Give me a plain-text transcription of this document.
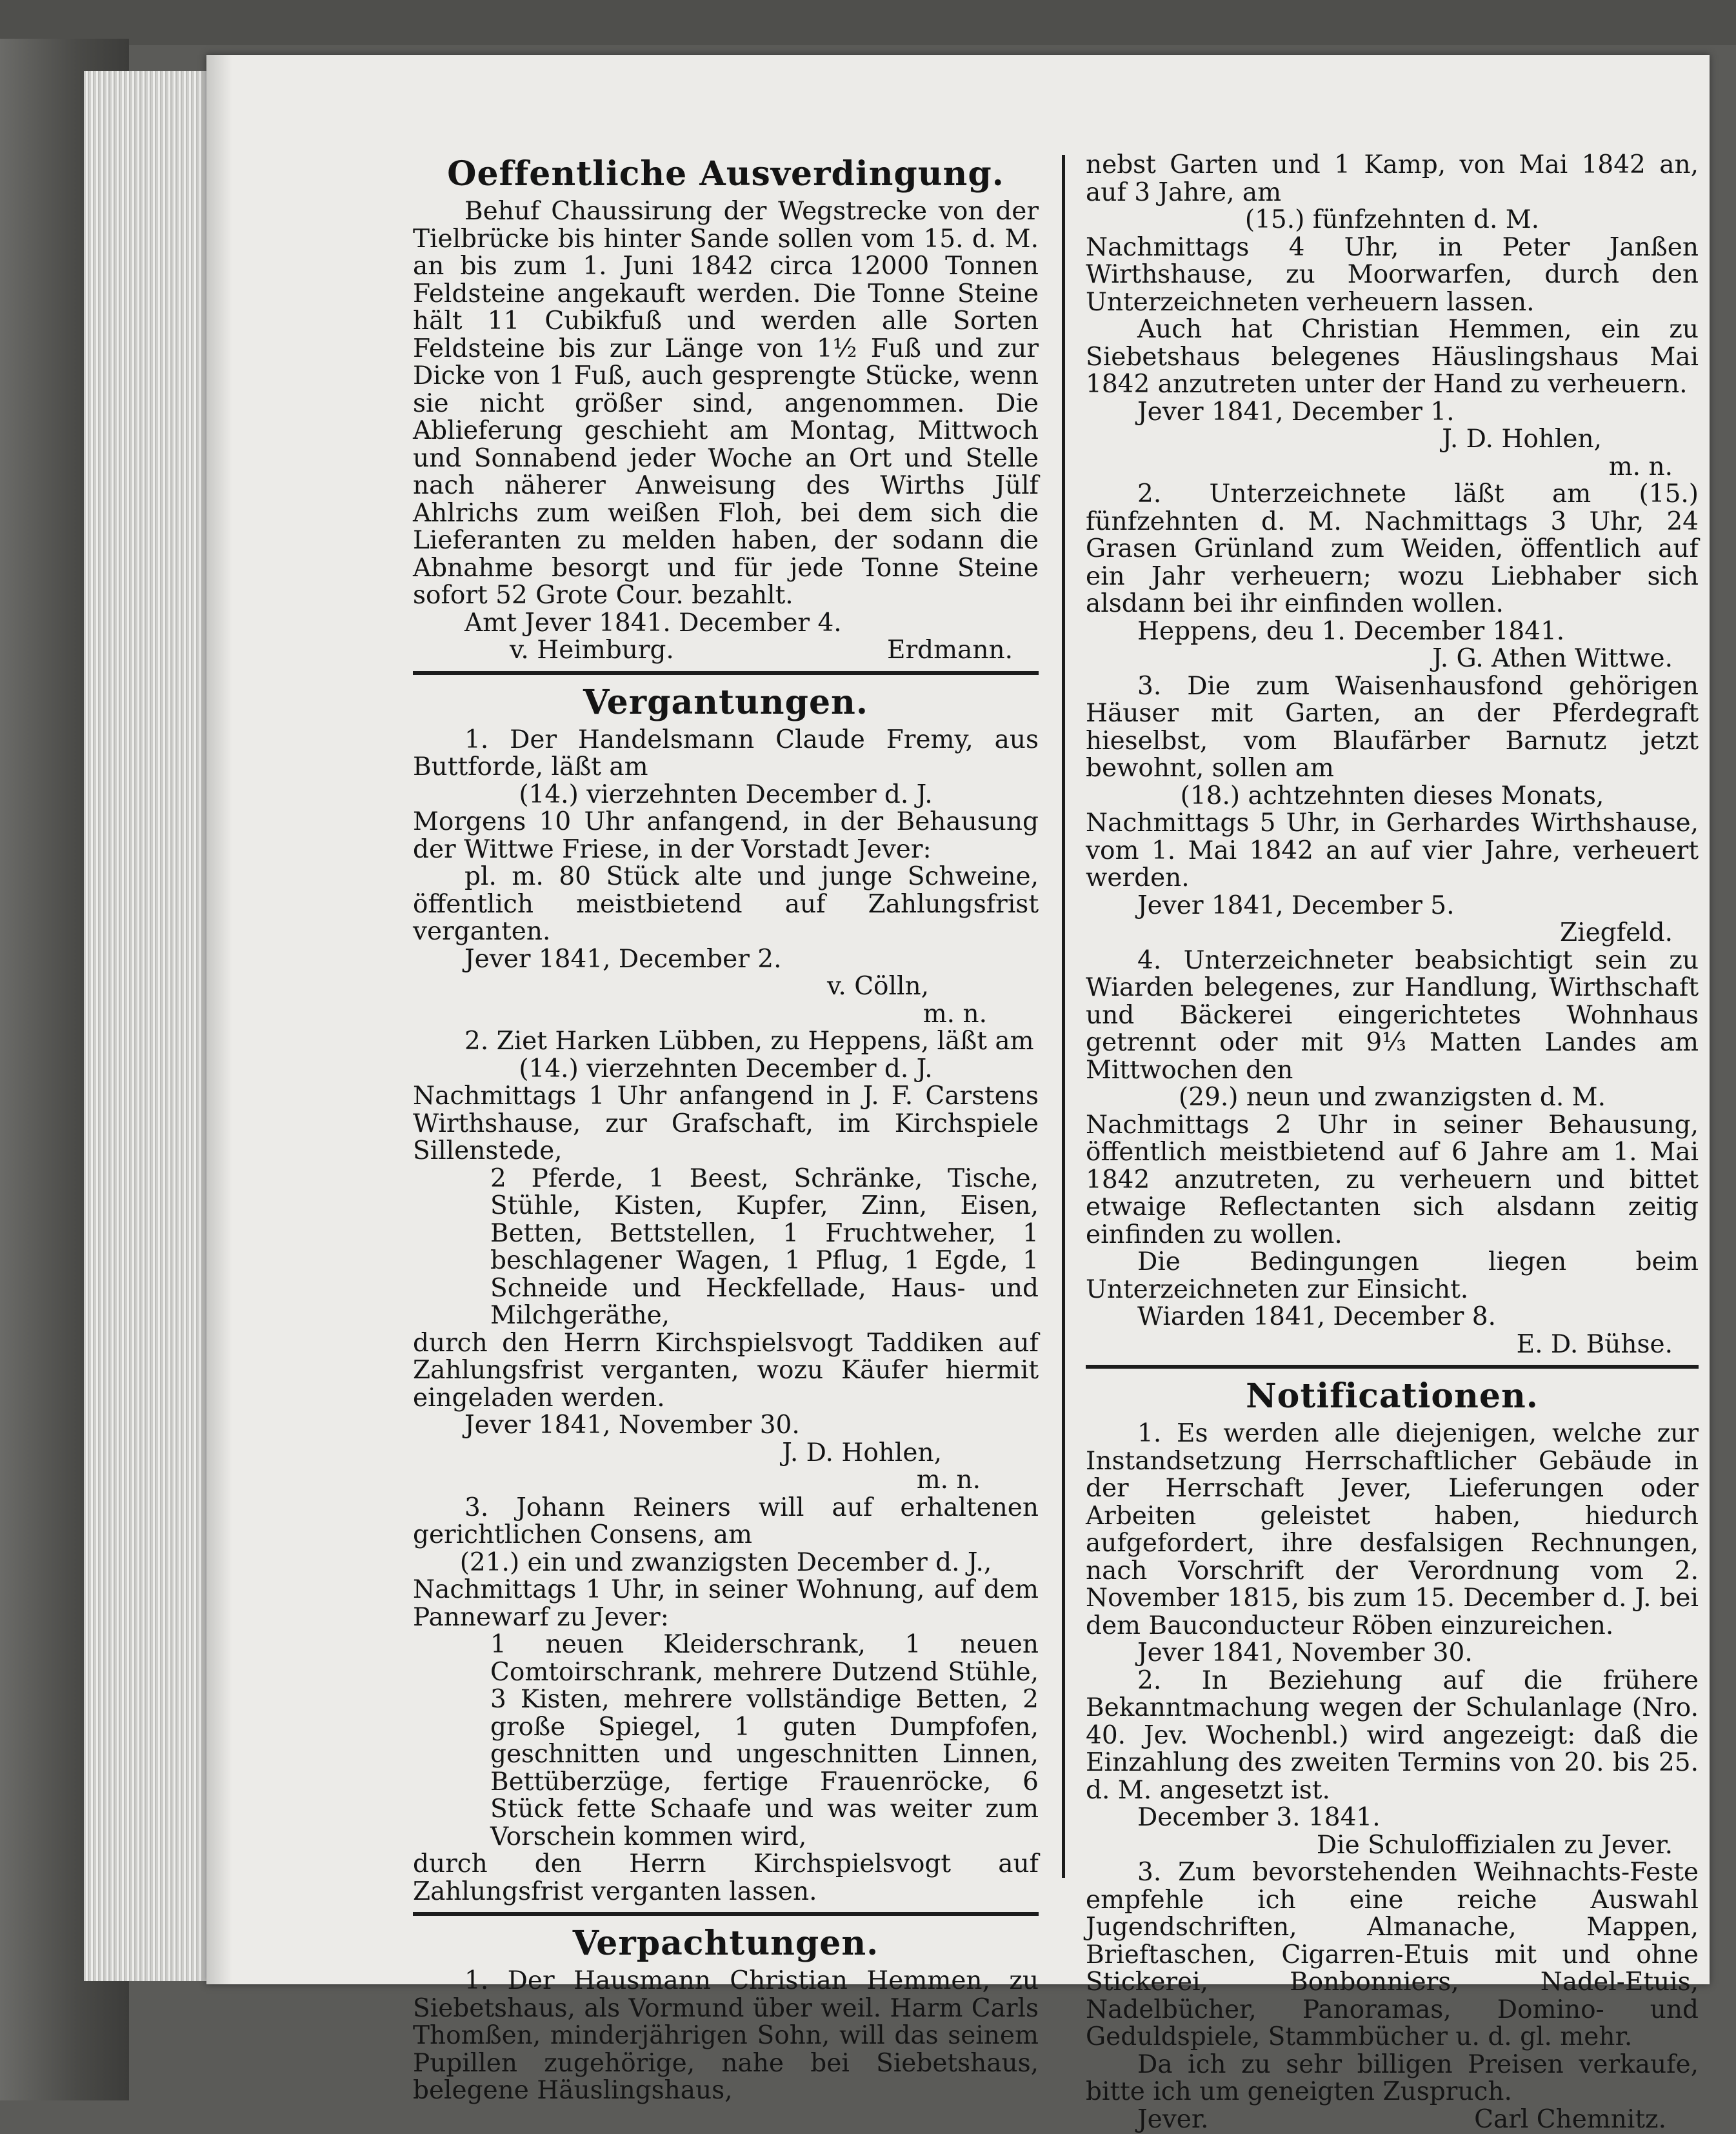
Oeffentliche Ausverdingung.

Behuf Chaussirung der Wegstrecke von der Tielbrücke bis hinter Sande sollen vom 15. d. M. an bis zum 1. Juni 1842 circa 12000 Tonnen Feldsteine angekauft werden. Die Tonne Steine hält 11 Cubikfuß und werden alle Sorten Feldsteine bis zur Länge von 1½ Fuß und zur Dicke von 1 Fuß, auch gesprengte Stücke, wenn sie nicht größer sind, angenommen. Die Ablieferung geschieht am Montag, Mittwoch und Sonnabend jeder Woche an Ort und Stelle nach näherer Anweisung des Wirths Jülf Ahlrichs zum weißen Floh, bei dem sich die Lieferanten zu melden haben, der sodann die Abnahme besorgt und für jede Tonne Steine sofort 52 Grote Cour. bezahlt.

Amt Jever 1841. December 4.

v. Heimburg.	Erdmann.

Vergantungen.

1. Der Handelsmann Claude Fremy, aus Buttforde, läßt am

(14.) vierzehnten December d. J.

Morgens 10 Uhr anfangend, in der Behausung der Wittwe Friese, in der Vorstadt Jever:

pl. m. 80 Stück alte und junge Schweine, öffentlich meistbietend auf Zahlungsfrist verganten.

Jever 1841, December 2.

v. Cölln,

m. n.

2. Ziet Harken Lübben, zu Heppens, läßt am

(14.) vierzehnten December d. J.

Nachmittags 1 Uhr anfangend in J. F. Carstens Wirthshause, zur Grafschaft, im Kirchspiele Sillenstede,

2 Pferde, 1 Beest, Schränke, Tische, Stühle, Kisten, Kupfer, Zinn, Eisen, Betten, Bettstellen, 1 Fruchtweher, 1 beschlagener Wagen, 1 Pflug, 1 Egde, 1 Schneide und Heckfellade, Haus- und Milchgeräthe,

durch den Herrn Kirchspielsvogt Taddiken auf Zahlungsfrist verganten, wozu Käufer hiermit eingeladen werden.

Jever 1841, November 30.

J. D. Hohlen,

m. n.

3. Johann Reiners will auf erhaltenen gerichtlichen Consens, am

(21.) ein und zwanzigsten December d. J.,

Nachmittags 1 Uhr, in seiner Wohnung, auf dem Pannewarf zu Jever:

1 neuen Kleiderschrank, 1 neuen Comtoirschrank, mehrere Dutzend Stühle, 3 Kisten, mehrere vollständige Betten, 2 große Spiegel, 1 guten Dumpfofen, geschnitten und ungeschnitten Linnen, Bettüberzüge, fertige Frauenröcke, 6 Stück fette Schaafe und was weiter zum Vorschein kommen wird,

durch den Herrn Kirchspielsvogt auf Zahlungsfrist verganten lassen.

Verpachtungen.

1. Der Hausmann Christian Hemmen, zu Siebetshaus, als Vormund über weil. Harm Carls Thomßen, minderjährigen Sohn, will das seinem Pupillen zugehörige, nahe bei Siebetshaus, belegene Häuslingshaus,

nebst Garten und 1 Kamp, von Mai 1842 an, auf 3 Jahre, am

(15.) fünfzehnten d. M.

Nachmittags 4 Uhr, in Peter Janßen Wirthshause, zu Moorwarfen, durch den Unterzeichneten verheuern lassen.

Auch hat Christian Hemmen, ein zu Siebetshaus belegenes Häuslingshaus Mai 1842 anzutreten unter der Hand zu verheuern.

Jever 1841, December 1.

J. D. Hohlen,

m. n.

2. Unterzeichnete läßt am (15.) fünfzehnten d. M. Nachmittags 3 Uhr, 24 Grasen Grünland zum Weiden, öffentlich auf ein Jahr verheuern; wozu Liebhaber sich alsdann bei ihr einfinden wollen.

Heppens, deu 1. December 1841.

J. G. Athen Wittwe.

3. Die zum Waisenhausfond gehörigen Häuser mit Garten, an der Pferdegraft hieselbst, vom Blaufärber Barnutz jetzt bewohnt, sollen am

(18.) achtzehnten dieses Monats,

Nachmittags 5 Uhr, in Gerhardes Wirthshause, vom 1. Mai 1842 an auf vier Jahre, verheuert werden.

Jever 1841, December 5.

Ziegfeld.

4. Unterzeichneter beabsichtigt sein zu Wiarden belegenes, zur Handlung, Wirthschaft und Bäckerei eingerichtetes Wohnhaus getrennt oder mit 9⅓ Matten Landes am Mittwochen den

(29.) neun und zwanzigsten d. M.

Nachmittags 2 Uhr in seiner Behausung, öffentlich meistbietend auf 6 Jahre am 1. Mai 1842 anzutreten, zu verheuern und bittet etwaige Reflectanten sich alsdann zeitig einfinden zu wollen.

Die Bedingungen liegen beim Unterzeichneten zur Einsicht.

Wiarden 1841, December 8.

E. D. Bühse.

Notificationen.

1. Es werden alle diejenigen, welche zur Instandsetzung Herrschaftlicher Gebäude in der Herrschaft Jever, Lieferungen oder Arbeiten geleistet haben, hiedurch aufgefordert, ihre desfalsigen Rechnungen, nach Vorschrift der Verordnung vom 2. November 1815, bis zum 15. December d. J. bei dem Bauconducteur Röben einzureichen.

Jever 1841, November 30.

2. In Beziehung auf die frühere Bekanntmachung wegen der Schulanlage (Nro. 40. Jev. Wochenbl.) wird angezeigt: daß die Einzahlung des zweiten Termins von 20. bis 25. d. M. angesetzt ist.

December 3. 1841.

Die Schuloffizialen zu Jever.

3. Zum bevorstehenden Weihnachts-Feste empfehle ich eine reiche Auswahl Jugendschriften, Almanache, Mappen, Brieftaschen, Cigarren-Etuis mit und ohne Stickerei, Bonbonniers, Nadel-Etuis, Nadelbücher, Panoramas, Domino- und Geduldspiele, Stammbücher u. d. gl. mehr.

Da ich zu sehr billigen Preisen verkaufe, bitte ich um geneigten Zuspruch.

Jever.	Carl Chemnitz.
